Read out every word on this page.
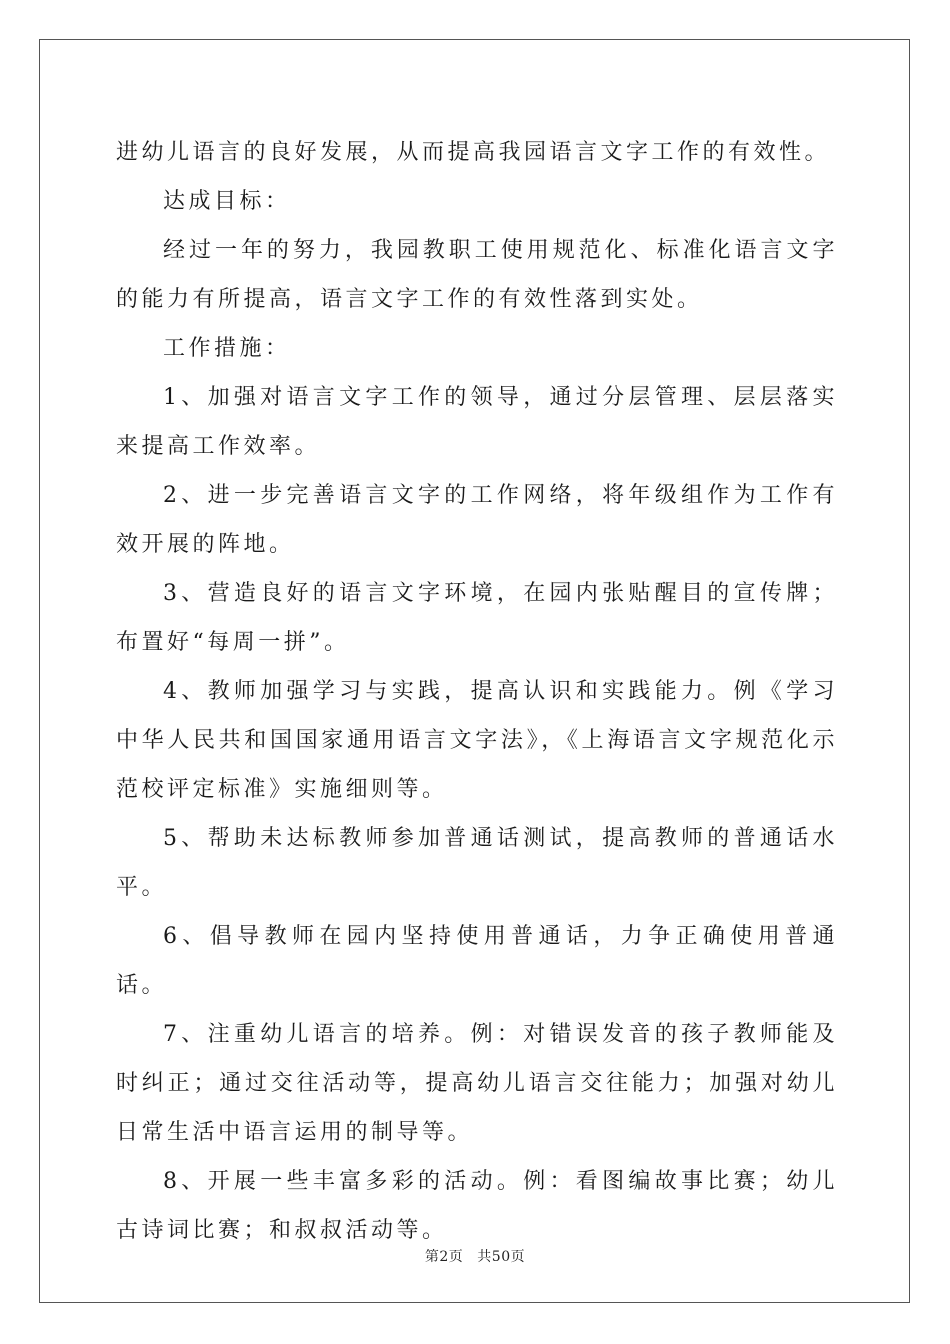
进幼儿语言的良好发展，从而提高我园语言文字工作的有效性。

达成目标：

经过一年的努力，我园教职工使用规范化、标准化语言文字的能力有所提高，语言文字工作的有效性落到实处。

工作措施：

1、加强对语言文字工作的领导，通过分层管理、层层落实来提高工作效率。

2、进一步完善语言文字的工作网络，将年级组作为工作有效开展的阵地。

3、营造良好的语言文字环境，在园内张贴醒目的宣传牌；布置好“每周一拼”。

4、教师加强学习与实践，提高认识和实践能力。例《学习中华人民共和国国家通用语言文字法》，《上海语言文字规范化示范校评定标准》实施细则等。

5、帮助未达标教师参加普通话测试，提高教师的普通话水平。

6、倡导教师在园内坚持使用普通话，力争正确使用普通话。

7、注重幼儿语言的培养。例：对错误发音的孩子教师能及时纠正；通过交往活动等，提高幼儿语言交往能力；加强对幼儿日常生活中语言运用的制导等。

8、开展一些丰富多彩的活动。例：看图编故事比赛；幼儿古诗词比赛；和叔叔活动等。

第2页 共50页
